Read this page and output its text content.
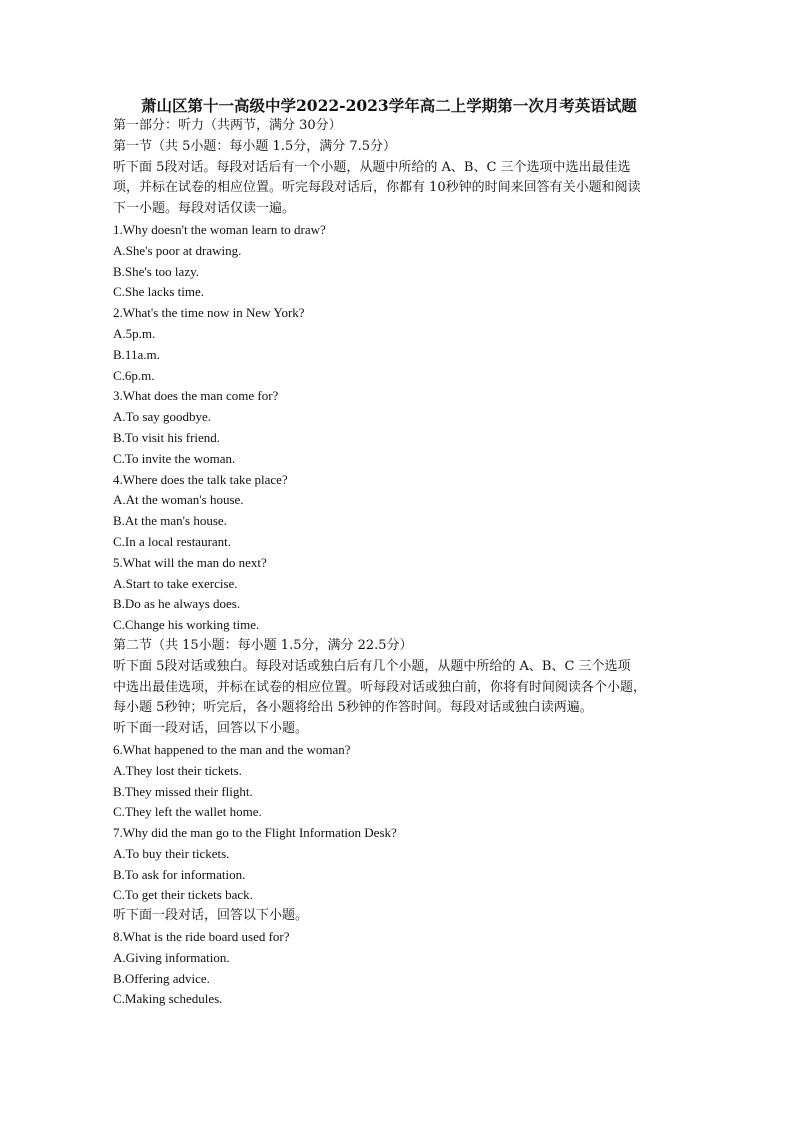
萧山区第十一高级中学2022-2023学年高二上学期第一次月考英语试题
第一部分：听力（共两节，满分 30分）
第一节（共 5小题：每小题 1.5分，满分 7.5分）
听下面 5段对话。每段对话后有一个小题，从题中所给的 A、B、C 三个选项中选出最佳选
项，并标在试卷的相应位置。听完每段对话后，你都有 10秒钟的时间来回答有关小题和阅读
下一小题。每段对话仅读一遍。
1.Why doesn't the woman learn to draw?
A.She's poor at drawing.
B.She's too lazy.
C.She lacks time.
2.What's the time now in New York?
A.5p.m.
B.11a.m.
C.6p.m.
3.What does the man come for?
A.To say goodbye.
B.To visit his friend.
C.To invite the woman.
4.Where does the talk take place?
A.At the woman's house.
B.At the man's house.
C.In a local restaurant.
5.What will the man do next?
A.Start to take exercise.
B.Do as he always does.
C.Change his working time.
第二节（共 15小题：每小题 1.5分，满分 22.5分）
听下面 5段对话或独白。每段对话或独白后有几个小题，从题中所给的 A、B、C 三个选项
中选出最佳选项，并标在试卷的相应位置。听每段对话或独白前，你将有时间阅读各个小题，
每小题 5秒钟；听完后，各小题将给出 5秒钟的作答时间。每段对话或独白读两遍。
听下面一段对话，回答以下小题。
6.What happened to the man and the woman?
A.They lost their tickets.
B.They missed their flight.
C.They left the wallet home.
7.Why did the man go to the Flight Information Desk?
A.To buy their tickets.
B.To ask for information.
C.To get their tickets back.
听下面一段对话，回答以下小题。
8.What is the ride board used for?
A.Giving information.
B.Offering advice.
C.Making schedules.
